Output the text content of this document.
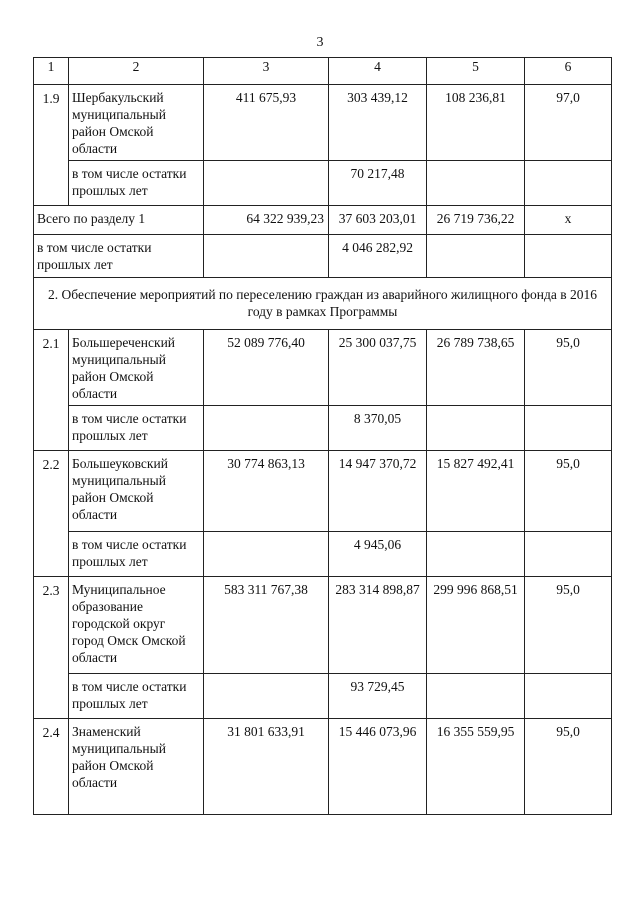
3
1	2	3	4	5	6
1.9	Шербакульский муниципальный район Омской области	411 675,93	303 439,12	108 236,81	97,0
	в том числе остатки прошлых лет		70 217,48		
Всего по разделу 1		64 322 939,23	37 603 203,01	26 719 736,22	х
в том числе остатки прошлых лет			4 046 282,92		
2. Обеспечение мероприятий по переселению граждан из аварийного жилищного фонда в 2016 году в рамках Программы					
2.1	Большереченский муниципальный район Омской области	52 089 776,40	25 300 037,75	26 789 738,65	95,0
	в том числе остатки прошлых лет		8 370,05		
2.2	Большеуковский муниципальный район Омской области	30 774 863,13	14 947 370,72	15 827 492,41	95,0
	в том числе остатки прошлых лет		4 945,06		
2.3	Муниципальное образование городской округ город Омск Омской области	583 311 767,38	283 314 898,87	299 996 868,51	95,0
	в том числе остатки прошлых лет		93 729,45		
2.4	Знаменский муниципальный район Омской области	31 801 633,91	15 446 073,96	16 355 559,95	95,0
